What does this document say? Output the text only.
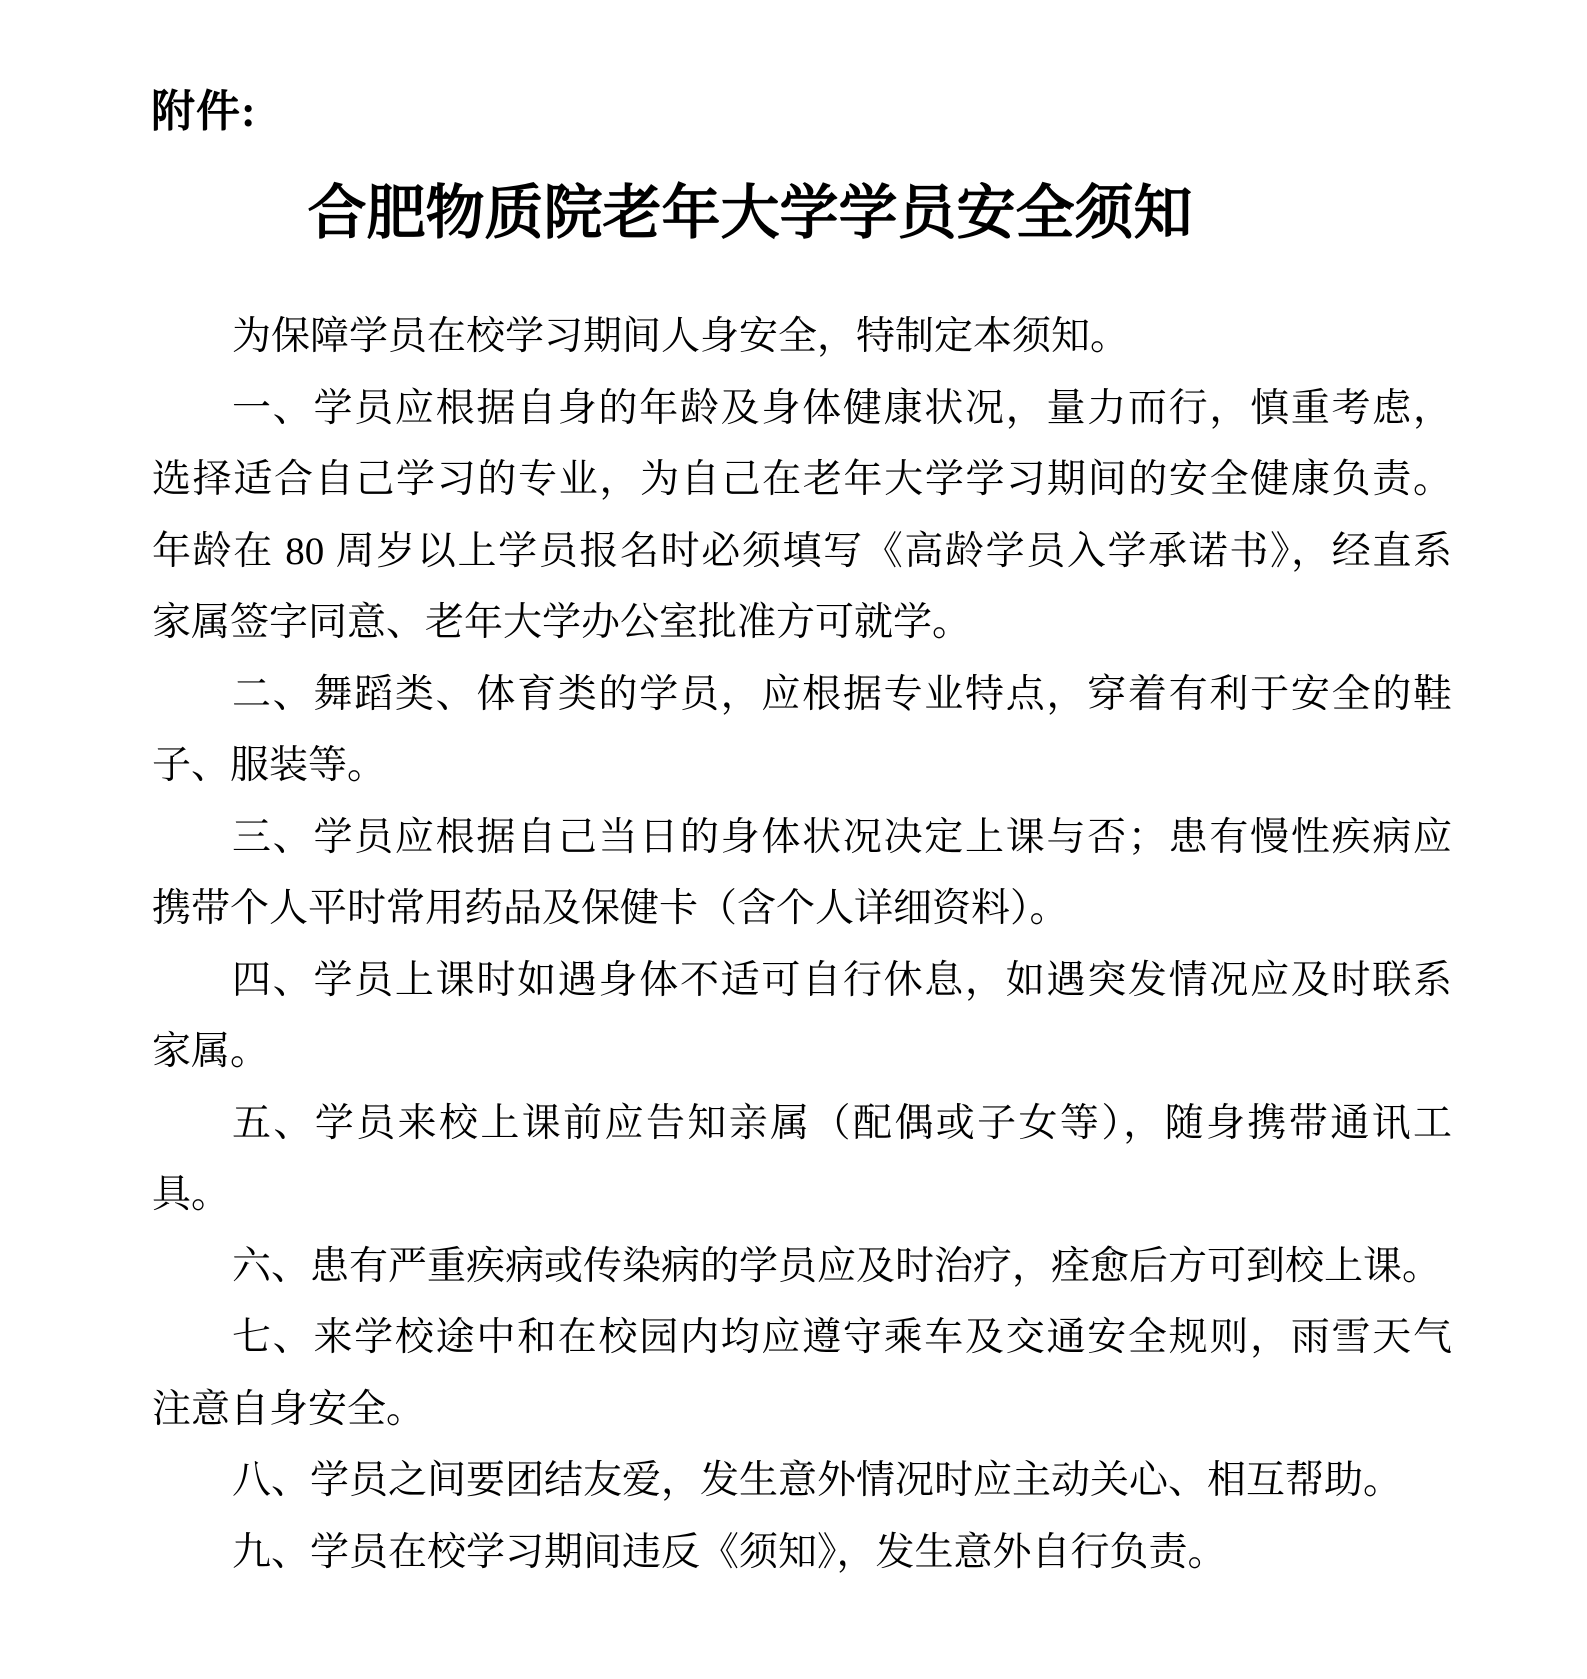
附件:
合肥物质院老年大学学员安全须知
为保障学员在校学习期间人身安全，特制定本须知。
一、学员应根据自身的年龄及身体健康状况，量力而行，慎重考虑，
选择适合自己学习的专业，为自己在老年大学学习期间的安全健康负责。
年龄在 80 周岁以上学员报名时必须填写《高龄学员入学承诺书》，经直系
家属签字同意、老年大学办公室批准方可就学。
二、舞蹈类、体育类的学员，应根据专业特点，穿着有利于安全的鞋
子、服装等。
三、学员应根据自己当日的身体状况决定上课与否；患有慢性疾病应
携带个人平时常用药品及保健卡（含个人详细资料）。
四、学员上课时如遇身体不适可自行休息，如遇突发情况应及时联系
家属。
五、学员来校上课前应告知亲属（配偶或子女等），随身携带通讯工
具。
六、患有严重疾病或传染病的学员应及时治疗，痊愈后方可到校上课。
七、来学校途中和在校园内均应遵守乘车及交通安全规则，雨雪天气
注意自身安全。
八、学员之间要团结友爱，发生意外情况时应主动关心、相互帮助。
九、学员在校学习期间违反《须知》，发生意外自行负责。
